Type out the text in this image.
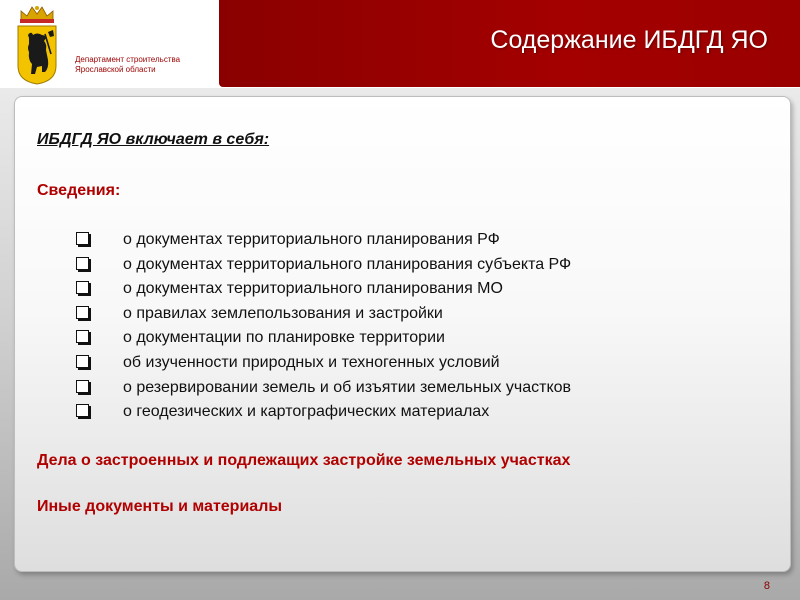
Департамент строительства Ярославской области
Содержание ИБДГД ЯО
ИБДГД ЯО включает в себя:
Сведения:
о документах территориального планирования РФ
о документах территориального планирования субъекта РФ
о документах территориального планирования МО
о правилах землепользования и застройки
о документации по планировке территории
об изученности природных и техногенных условий
о резервировании земель и об изъятии земельных участков
о геодезических и картографических материалах
Дела о застроенных и подлежащих застройке земельных участках
Иные документы и материалы
8
